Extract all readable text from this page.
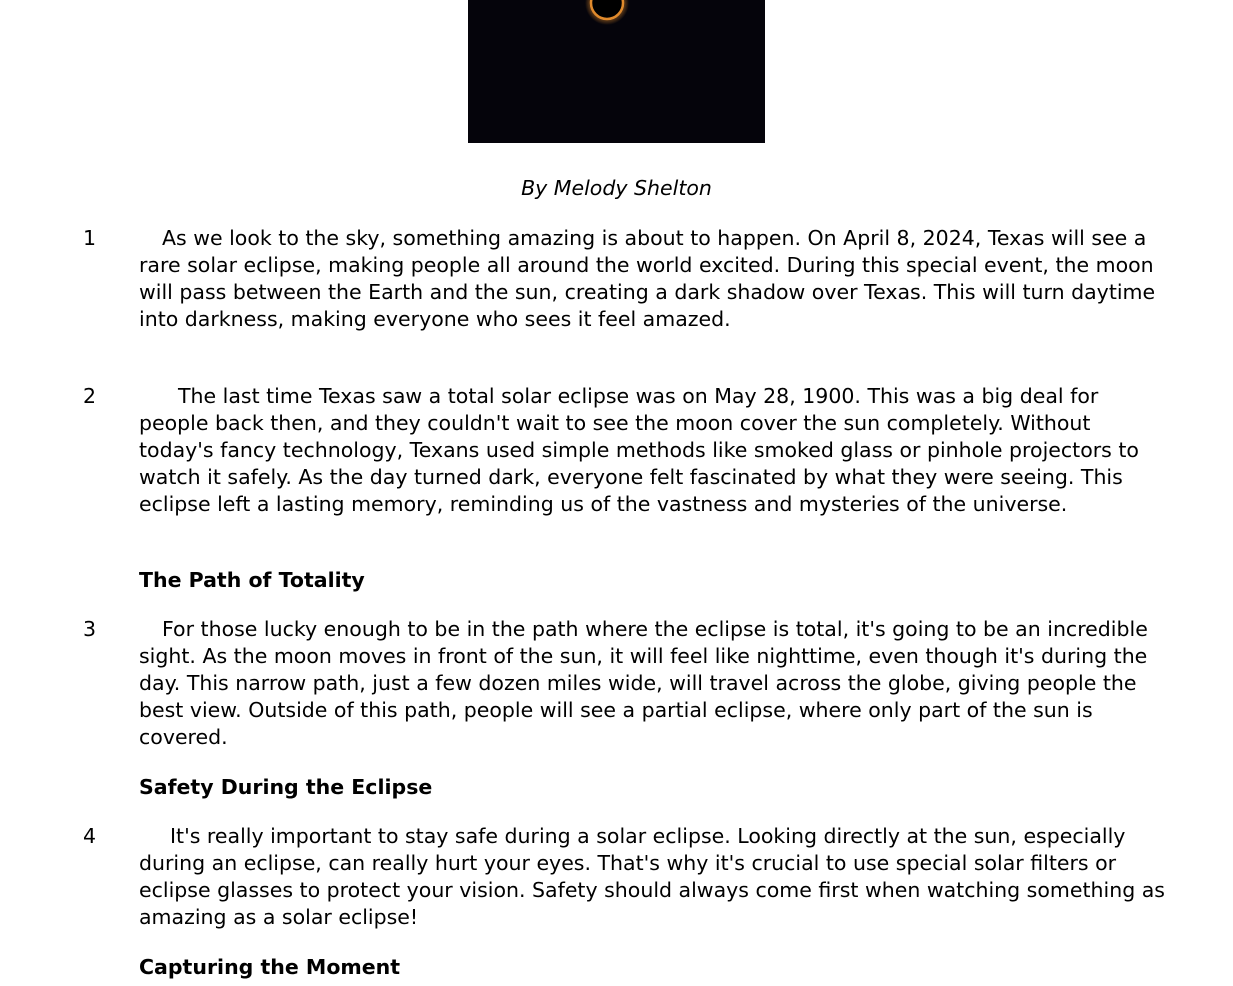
By Melody Shelton
1	As we look to the sky, something amazing is about to happen. On April 8, 2024, Texas will see a rare solar eclipse, making people all around the world excited. During this special event, the moon will pass between the Earth and the sun, creating a dark shadow over Texas. This will turn daytime into darkness, making everyone who sees it feel amazed.

2	The last time Texas saw a total solar eclipse was on May 28, 1900. This was a big deal for people back then, and they couldn't wait to see the moon cover the sun completely. Without today's fancy technology, Texans used simple methods like smoked glass or pinhole projectors to watch it safely. As the day turned dark, everyone felt fascinated by what they were seeing. This eclipse left a lasting memory, reminding us of the vastness and mysteries of the universe.

The Path of Totality
3	For those lucky enough to be in the path where the eclipse is total, it's going to be an incredible sight. As the moon moves in front of the sun, it will feel like nighttime, even though it's during the day. This narrow path, just a few dozen miles wide, will travel across the globe, giving people the best view. Outside of this path, people will see a partial eclipse, where only part of the sun is covered.

Safety During the Eclipse
4	It's really important to stay safe during a solar eclipse. Looking directly at the sun, especially during an eclipse, can really hurt your eyes. That's why it's crucial to use special solar filters or eclipse glasses to protect your vision. Safety should always come first when watching something as amazing as a solar eclipse!

Capturing the Moment
